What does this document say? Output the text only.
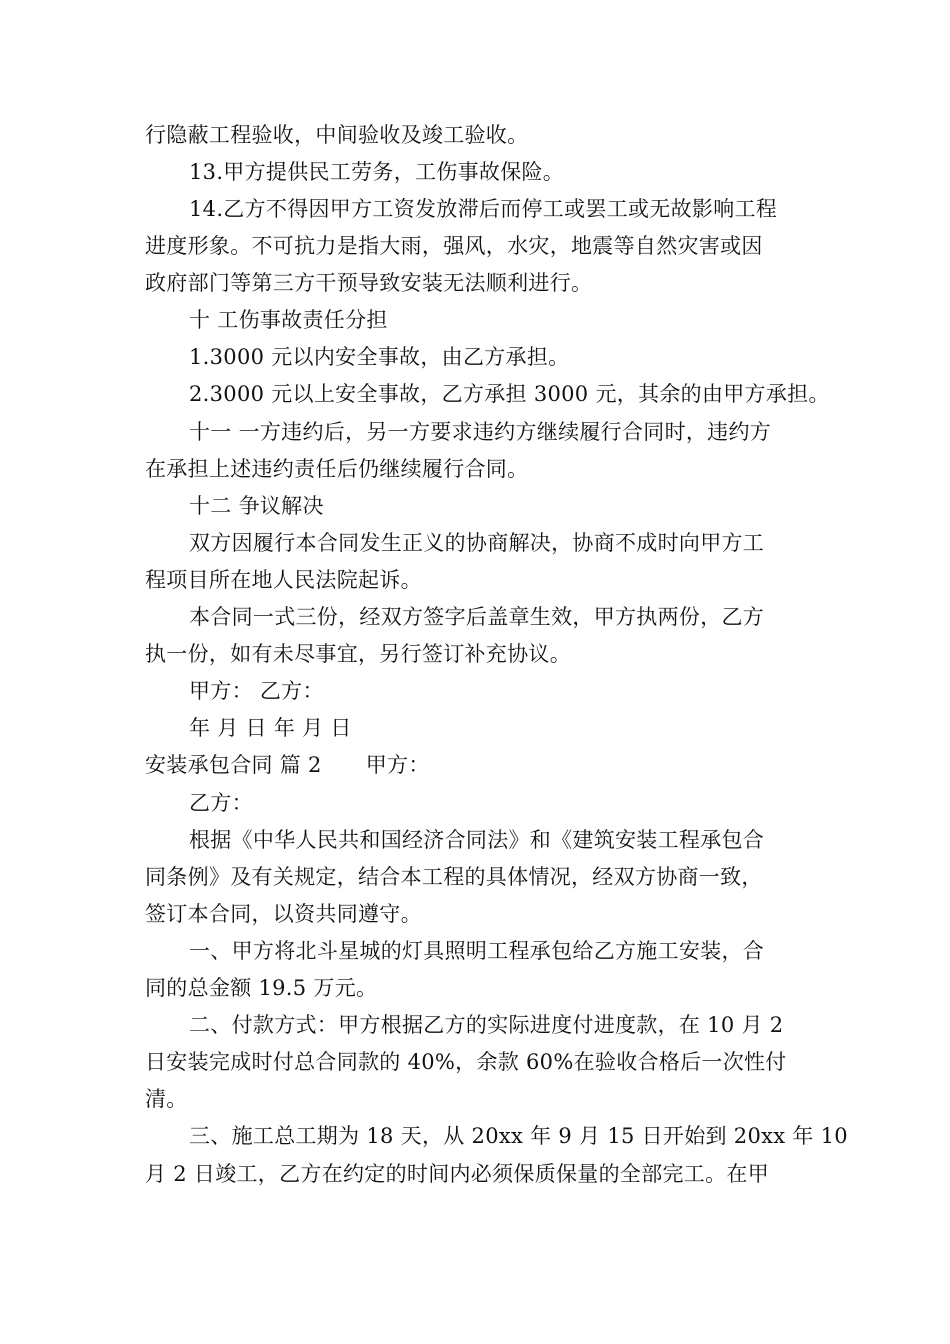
行隐蔽工程验收，中间验收及竣工验收。
13.甲方提供民工劳务，工伤事故保险。
14.乙方不得因甲方工资发放滞后而停工或罢工或无故影响工程
进度形象。不可抗力是指大雨，强风，水灾，地震等自然灾害或因
政府部门等第三方干预导致安装无法顺利进行。
十 工伤事故责任分担
1.3000 元以内安全事故，由乙方承担。
2.3000 元以上安全事故，乙方承担 3000 元，其余的由甲方承担。
十一 一方违约后，另一方要求违约方继续履行合同时，违约方
在承担上述违约责任后仍继续履行合同。
十二 争议解决
双方因履行本合同发生正义的协商解决，协商不成时向甲方工
程项目所在地人民法院起诉。
本合同一式三份，经双方签字后盖章生效，甲方执两份，乙方
执一份，如有未尽事宜，另行签订补充协议。
甲方： 乙方：
年 月 日 年 月 日
安装承包合同 篇 2 甲方：
乙方：
根据《中华人民共和国经济合同法》和《建筑安装工程承包合
同条例》及有关规定，结合本工程的具体情况，经双方协商一致，
签订本合同，以资共同遵守。
一、甲方将北斗星城的灯具照明工程承包给乙方施工安装，合
同的总金额 19.5 万元。
二、付款方式：甲方根据乙方的实际进度付进度款，在 10 月 2
日安装完成时付总合同款的 40%，余款 60%在验收合格后一次性付
清。
三、施工总工期为 18 天，从 20xx 年 9 月 15 日开始到 20xx 年 10
月 2 日竣工，乙方在约定的时间内必须保质保量的全部完工。在甲
